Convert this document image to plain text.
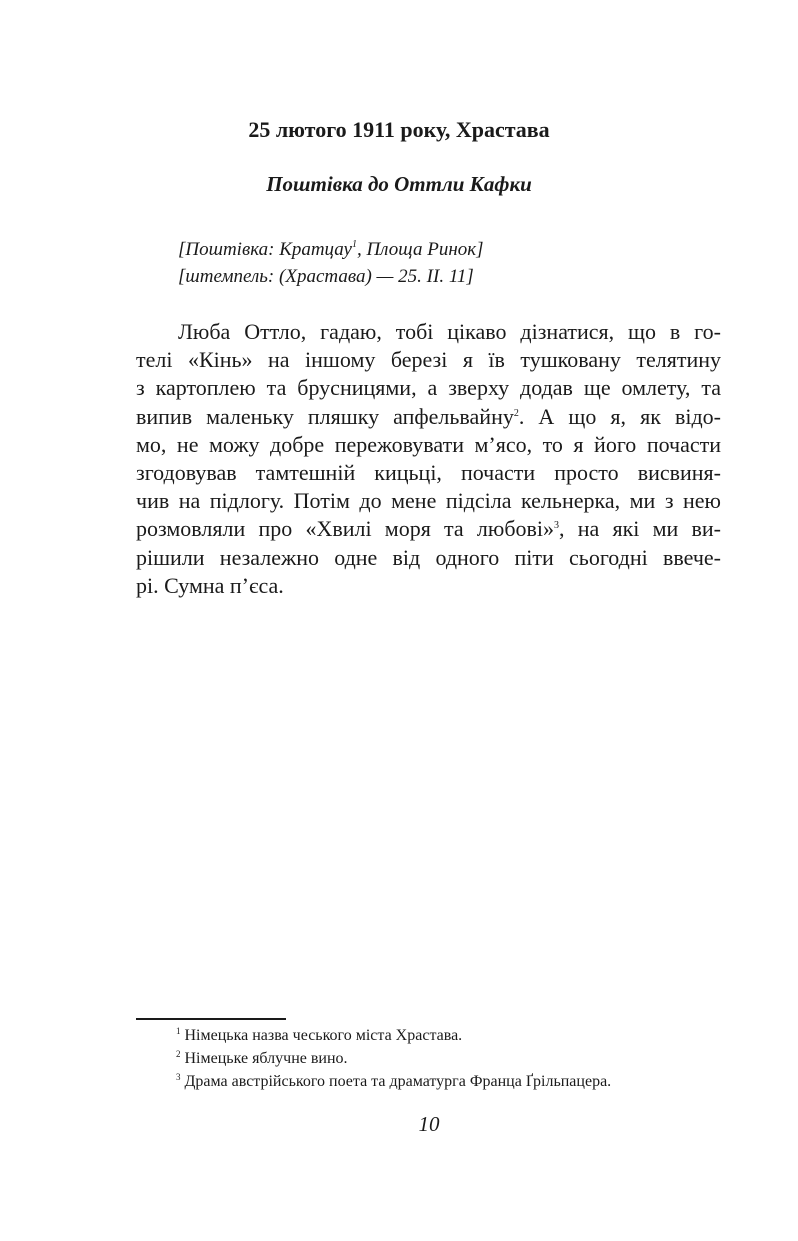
25 лютого 1911 року, Храстава
Поштівка до Оттли Кафки
[Поштівка: Кратцау$^1$, Площа Ринок]
[штемпель: (Храстава) — 25. II. 11]
Люба Оттло, гадаю, тобі цікаво дізнатися, що в го-
телі «Кінь» на іншому березі я їв тушковану телятину
з картоплею та брусницями, а зверху додав ще омлету, та
випив маленьку пляшку апфельвайну$^2$. А що я, як відо-
мо, не можу добре пережовувати м’ясо, то я його почасти
згодовував тамтешній кицьці, почасти просто висвиня-
чив на підлогу. Потім до мене підсіла кельнерка, ми з нею
розмовляли про «Хвилі моря та любові»$^3$, на які ми ви-
рішили незалежно одне від одного піти сьогодні ввече-
рі. Сумна п’єса.
$^1$ Німецька назва чеського міста Храстава.
$^2$ Німецьке яблучне вино.
$^3$ Драма австрійського поета та драматурга Франца Ґрільпацера.
10
